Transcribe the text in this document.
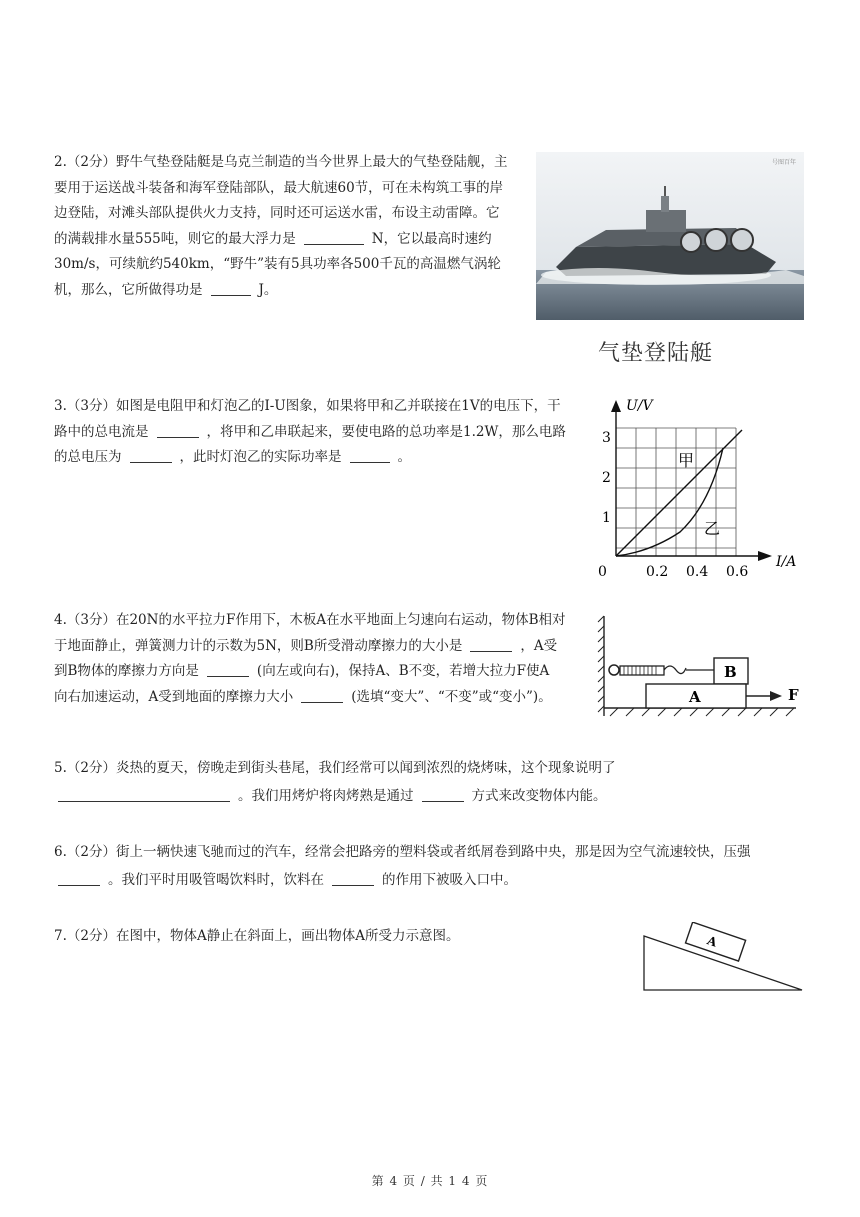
2.（2分）野牛气垫登陆艇是乌克兰制造的当今世界上最大的气垫登陆舰，主

要用于运送战斗装备和海军登陆部队，最大航速60节，可在未构筑工事的岸

边登陆，对滩头部队提供火力支持，同时还可运送水雷，布设主动雷障。它

的满载排水量555吨，则它的最大浮力是	N，它以最高时速约

30m/s，可续航约540km，“野牛”装有5具功率各500千瓦的高温燃气涡轮

机，那么，它所做得功是	J。

号图百年
气垫登陆艇

3.（3分）如图是电阻甲和灯泡乙的I-U图象，如果将甲和乙并联接在1V的电压下，干

路中的总电流是	，将甲和乙串联起来，要使电路的总功率是1.2W，那么电路

的总电压为	，此时灯泡乙的实际功率是	。

U/V
I/A
3
2
1
0	0.2 0.4 0.6
甲
乙

4.（3分）在20N的水平拉力F作用下，木板A在水平地面上匀速向右运动，物体B相对

于地面静止，弹簧测力计的示数为5N，则B所受滑动摩擦力的大小是	，A受

到B物体的摩擦力方向是	(向左或向右)，保持A、B不变，若增大拉力F使A

向右加速运动，A受到地面的摩擦力大小	(选填“变大”、“不变”或“变小”)。

B
A	F

5.（2分）炎热的夏天，傍晚走到街头巷尾，我们经常可以闻到浓烈的烧烤味，这个现象说明了

。我们用烤炉将肉烤熟是通过	方式来改变物体内能。

6.（2分）街上一辆快速飞驰而过的汽车，经常会把路旁的塑料袋或者纸屑卷到路中央，那是因为空气流速较快，压强

。我们平时用吸管喝饮料时，饮料在	的作用下被吸入口中。

7.（2分）在图中，物体A静止在斜面上，画出物体A所受力示意图。	A
第 4 页 / 共 1 4 页
